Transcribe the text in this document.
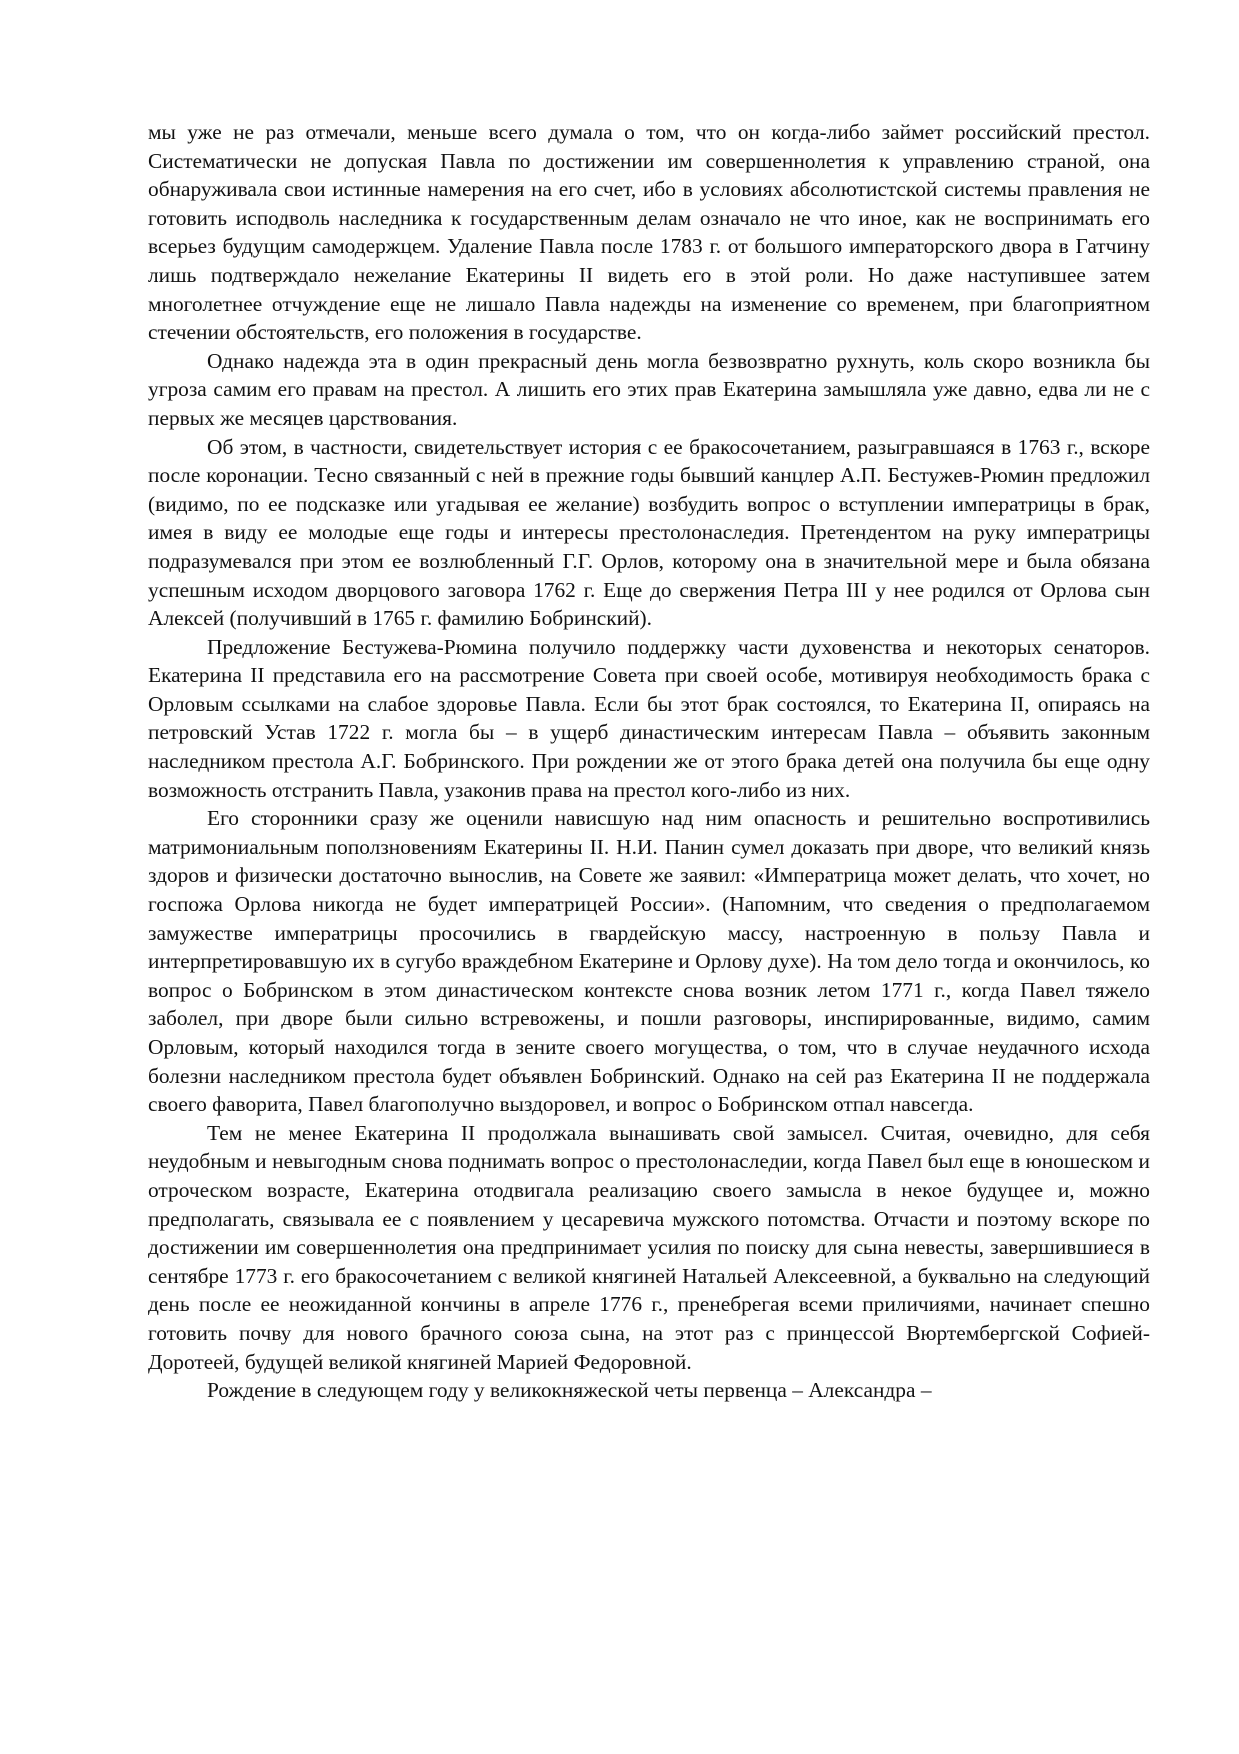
мы уже не раз отмечали, меньше всего думала о том, что он когда-либо займет российский престол. Систематически не допуская Павла по достижении им совершеннолетия к управлению страной, она обнаруживала свои истинные намерения на его счет, ибо в условиях абсолютистской системы правления не готовить исподволь наследника к государственным делам означало не что иное, как не воспринимать его всерьез будущим самодержцем. Удаление Павла после 1783 г. от большого императорского двора в Гатчину лишь подтверждало нежелание Екатерины II видеть его в этой роли. Но даже наступившее затем многолетнее отчуждение еще не лишало Павла надежды на изменение со временем, при благоприятном стечении обстоятельств, его положения в государстве.

Однако надежда эта в один прекрасный день могла безвозвратно рухнуть, коль скоро возникла бы угроза самим его правам на престол. А лишить его этих прав Екатерина замышляла уже давно, едва ли не с первых же месяцев царствования.

Об этом, в частности, свидетельствует история с ее бракосочетанием, разыгравшаяся в 1763 г., вскоре после коронации. Тесно связанный с ней в прежние годы бывший канцлер А.П. Бестужев-Рюмин предложил (видимо, по ее подсказке или угадывая ее желание) возбудить вопрос о вступлении императрицы в брак, имея в виду ее молодые еще годы и интересы престолонаследия. Претендентом на руку императрицы подразумевался при этом ее возлюбленный Г.Г. Орлов, которому она в значительной мере и была обязана успешным исходом дворцового заговора 1762 г. Еще до свержения Петра III у нее родился от Орлова сын Алексей (получивший в 1765 г. фамилию Бобринский).

Предложение Бестужева-Рюмина получило поддержку части духовенства и некоторых сенаторов. Екатерина II представила его на рассмотрение Совета при своей особе, мотивируя необходимость брака с Орловым ссылками на слабое здоровье Павла. Если бы этот брак состоялся, то Екатерина II, опираясь на петровский Устав 1722 г. могла бы – в ущерб династическим интересам Павла – объявить законным наследником престола А.Г. Бобринского. При рождении же от этого брака детей она получила бы еще одну возможность отстранить Павла, узаконив права на престол кого-либо из них.

Его сторонники сразу же оценили нависшую над ним опасность и решительно воспротивились матримониальным поползновениям Екатерины II. Н.И. Панин сумел доказать при дворе, что великий князь здоров и физически достаточно вынослив, на Совете же заявил: «Императрица может делать, что хочет, но госпожа Орлова никогда не будет императрицей России». (Напомним, что сведения о предполагаемом замужестве императрицы просочились в гвардейскую массу, настроенную в пользу Павла и интерпретировавшую их в сугубо враждебном Екатерине и Орлову духе). На том дело тогда и окончилось, ко вопрос о Бобринском в этом династическом контексте снова возник летом 1771 г., когда Павел тяжело заболел, при дворе были сильно встревожены, и пошли разговоры, инспирированные, видимо, самим Орловым, который находился тогда в зените своего могущества, о том, что в случае неудачного исхода болезни наследником престола будет объявлен Бобринский. Однако на сей раз Екатерина II не поддержала своего фаворита, Павел благополучно выздоровел, и вопрос о Бобринском отпал навсегда.

Тем не менее Екатерина II продолжала вынашивать свой замысел. Считая, очевидно, для себя неудобным и невыгодным снова поднимать вопрос о престолонаследии, когда Павел был еще в юношеском и отроческом возрасте, Екатерина отодвигала реализацию своего замысла в некое будущее и, можно предполагать, связывала ее с появлением у цесаревича мужского потомства. Отчасти и поэтому вскоре по достижении им совершеннолетия она предпринимает усилия по поиску для сына невесты, завершившиеся в сентябре 1773 г. его бракосочетанием с великой княгиней Натальей Алексеевной, а буквально на следующий день после ее неожиданной кончины в апреле 1776 г., пренебрегая всеми приличиями, начинает спешно готовить почву для нового брачного союза сына, на этот раз с принцессой Вюртембергской Софией-Доротеей, будущей великой княгиней Марией Федоровной.

Рождение в следующем году у великокняжеской четы первенца – Александра –
